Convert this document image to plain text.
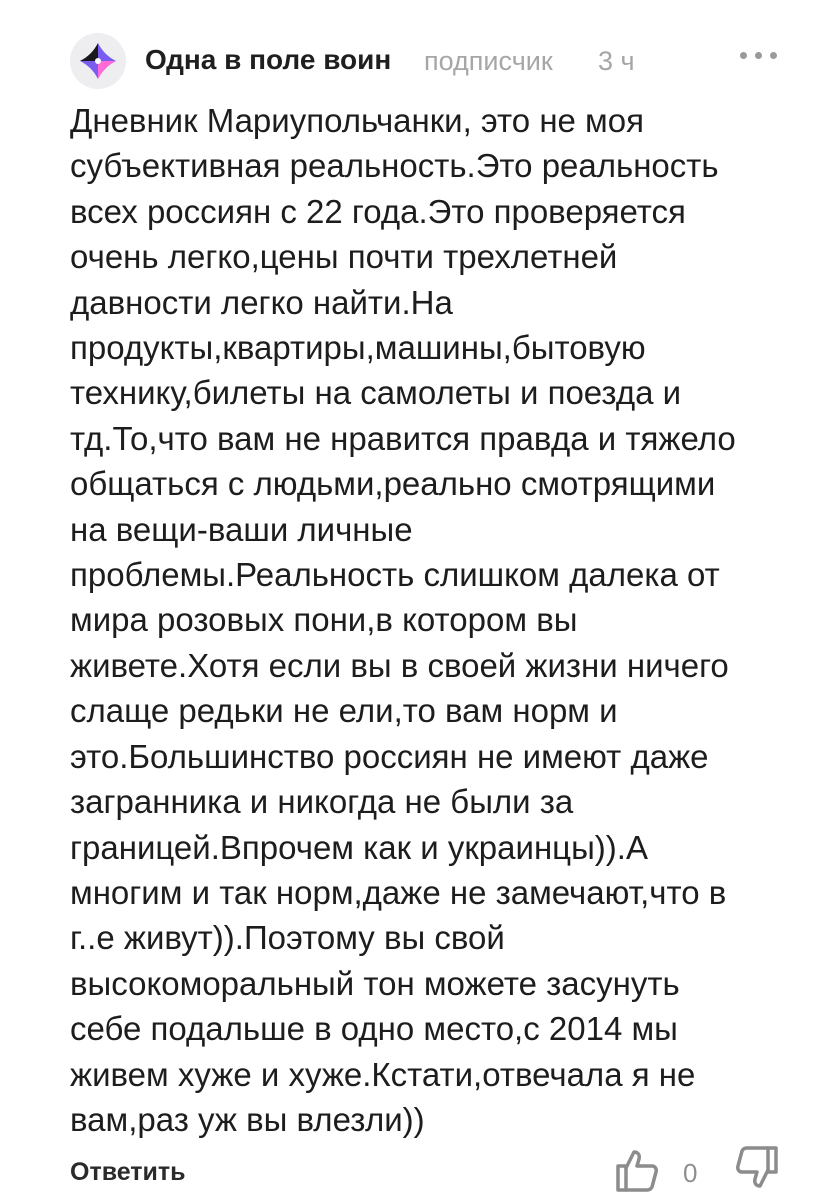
Одна в поле воин подписчик 3 ч

Дневник Мариупольчанки, это не моя
субъективная реальность.Это реальность
всех россиян с 22 года.Это проверяется
очень легко,цены почти трехлетней
давности легко найти.На
продукты,квартиры,машины,бытовую
технику,билеты на самолеты и поезда и
тд.То,что вам не нравится правда и тяжело
общаться с людьми,реально смотрящими
на вещи-ваши личные
проблемы.Реальность слишком далека от
мира розовых пони,в котором вы
живете.Хотя если вы в своей жизни ничего
слаще редьки не ели,то вам норм и
это.Большинство россиян не имеют даже
загранника и никогда не были за
границей.Впрочем как и украинцы)).А
многим и так норм,даже не замечают,что в
г..е живут)).Поэтому вы свой
высокоморальный тон можете засунуть
себе подальше в одно место,с 2014 мы
живем хуже и хуже.Кстати,отвечала я не
вам,раз уж вы влезли))

Ответить	0
